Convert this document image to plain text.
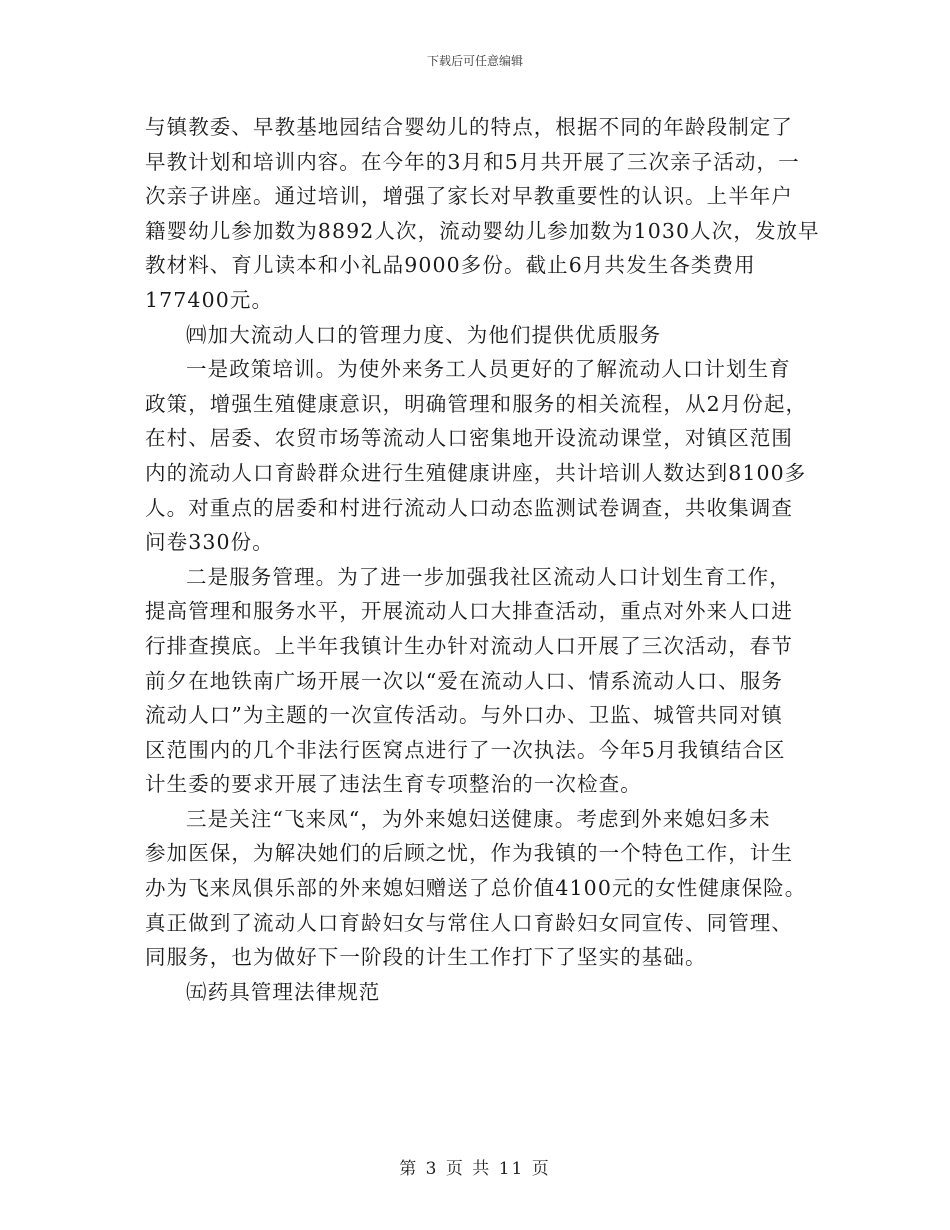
下载后可任意编辑
与镇教委、早教基地园结合婴幼儿的特点，根据不同的年龄段制定了
早教计划和培训内容。在今年的3月和5月共开展了三次亲子活动，一
次亲子讲座。通过培训，增强了家长对早教重要性的认识。上半年户
籍婴幼儿参加数为8892人次，流动婴幼儿参加数为1030人次，发放早
教材料、育儿读本和小礼品9000多份。截止6月共发生各类费用
177400元。
㈣加大流动人口的管理力度、为他们提供优质服务
一是政策培训。为使外来务工人员更好的了解流动人口计划生育
政策，增强生殖健康意识，明确管理和服务的相关流程，从2月份起，
在村、居委、农贸市场等流动人口密集地开设流动课堂，对镇区范围
内的流动人口育龄群众进行生殖健康讲座，共计培训人数达到8100多
人。对重点的居委和村进行流动人口动态监测试卷调查，共收集调查
问卷330份。
二是服务管理。为了进一步加强我社区流动人口计划生育工作，
提高管理和服务水平，开展流动人口大排查活动，重点对外来人口进
行排查摸底。上半年我镇计生办针对流动人口开展了三次活动，春节
前夕在地铁南广场开展一次以“爱在流动人口、情系流动人口、服务
流动人口”为主题的一次宣传活动。与外口办、卫监、城管共同对镇
区范围内的几个非法行医窝点进行了一次执法。今年5月我镇结合区
计生委的要求开展了违法生育专项整治的一次检查。
三是关注“飞来凤“，为外来媳妇送健康。考虑到外来媳妇多未
参加医保，为解决她们的后顾之忧，作为我镇的一个特色工作，计生
办为飞来凤俱乐部的外来媳妇赠送了总价值4100元的女性健康保险。
真正做到了流动人口育龄妇女与常住人口育龄妇女同宣传、同管理、
同服务，也为做好下一阶段的计生工作打下了坚实的基础。
㈤药具管理法律规范
第 3 页 共 11 页
